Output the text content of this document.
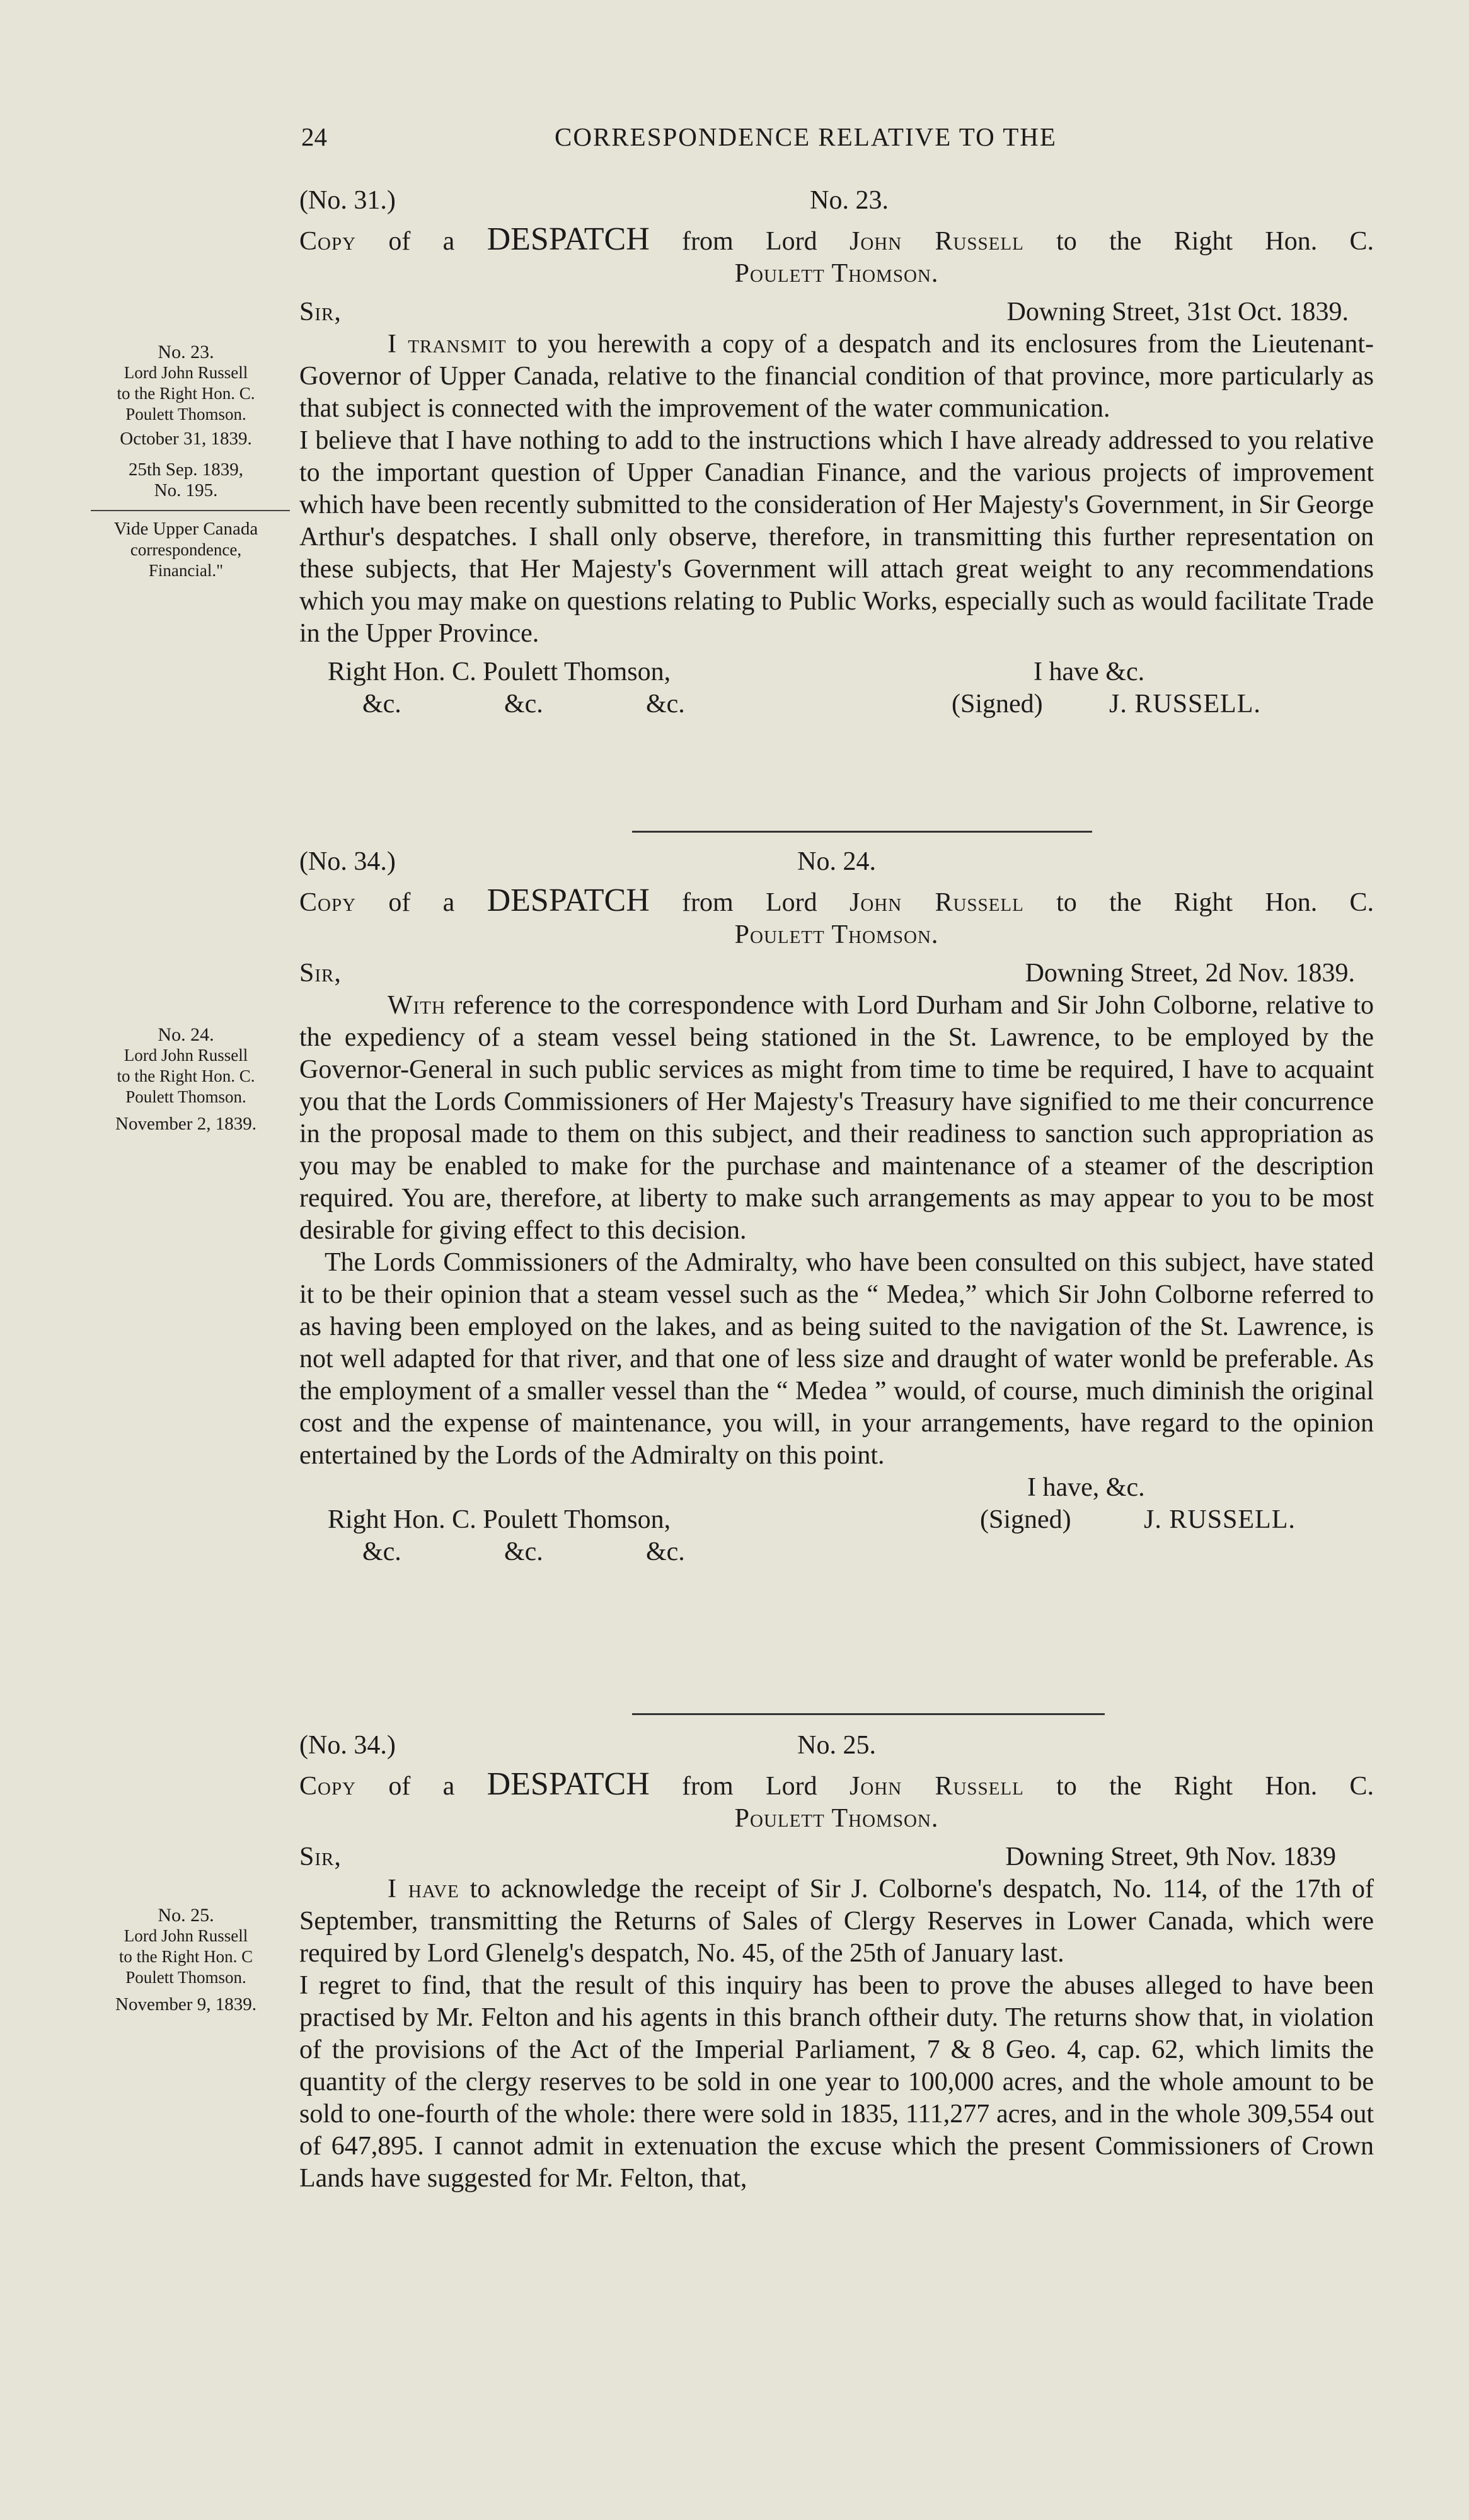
24	CORRESPONDENCE RELATIVE TO THE
No. 23.
Lord John Russell
to the Right Hon. C.
Poulett Thomson.
October 31, 1839.
25th Sep. 1839,
No. 195.
Vide Upper Canada
correspondence,
Financial."
(No. 31.)	No. 23.
Copy of a DESPATCH from Lord John Russell to the Right Hon. C.
Poulett Thomson.
Sir,	Downing Street, 31st Oct. 1839.
I transmit to you herewith a copy of a despatch and its enclosures from the Lieutenant-Governor of Upper Canada, relative to the financial condition of that province, more particularly as that subject is connected with the improvement of the water communication.
I believe that I have nothing to add to the instructions which I have already addressed to you relative to the important question of Upper Canadian Finance, and the various projects of improvement which have been recently submitted to the consideration of Her Majesty's Government, in Sir George Arthur's despatches. I shall only observe, therefore, in transmitting this further representation on these subjects, that Her Majesty's Government will attach great weight to any recommendations which you may make on questions relating to Public Works, especially such as would facilitate Trade in the Upper Province.
Right Hon. C. Poulett Thomson,	I have &c.
&c.	&c.	&c.	(Signed)	J. RUSSELL.
No. 24.
Lord John Russell
to the Right Hon. C.
Poulett Thomson.
November 2, 1839.
(No. 34.)	No. 24.
Copy of a DESPATCH from Lord John Russell to the Right Hon. C.
Poulett Thomson.
Sir,	Downing Street, 2d Nov. 1839.
With reference to the correspondence with Lord Durham and Sir John Colborne, relative to the expediency of a steam vessel being stationed in the St. Lawrence, to be employed by the Governor-General in such public services as might from time to time be required, I have to acquaint you that the Lords Commissioners of Her Majesty's Treasury have signified to me their concurrence in the proposal made to them on this subject, and their readiness to sanction such appropriation as you may be enabled to make for the purchase and maintenance of a steamer of the description required. You are, therefore, at liberty to make such arrangements as may appear to you to be most desirable for giving effect to this decision.
The Lords Commissioners of the Admiralty, who have been consulted on this subject, have stated it to be their opinion that a steam vessel such as the “ Medea,” which Sir John Colborne referred to as having been employed on the lakes, and as being suited to the navigation of the St. Lawrence, is not well adapted for that river, and that one of less size and draught of water wonld be preferable. As the employment of a smaller vessel than the “ Medea ” would, of course, much diminish the original cost and the expense of maintenance, you will, in your arrangements, have regard to the opinion entertained by the Lords of the Admiralty on this point.
I have, &c.
Right Hon. C. Poulett Thomson,	(Signed)	J. RUSSELL.
&c.	&c.	&c.
No. 25.
Lord John Russell
to the Right Hon. C
Poulett Thomson.
November 9, 1839.
(No. 34.)	No. 25.
Copy of a DESPATCH from Lord John Russell to the Right Hon. C.
Poulett Thomson.
Sir,	Downing Street, 9th Nov. 1839
I have to acknowledge the receipt of Sir J. Colborne's despatch, No. 114, of the 17th of September, transmitting the Returns of Sales of Clergy Reserves in Lower Canada, which were required by Lord Glenelg's despatch, No. 45, of the 25th of January last.
I regret to find, that the result of this inquiry has been to prove the abuses alleged to have been practised by Mr. Felton and his agents in this branch oftheir duty. The returns show that, in violation of the provisions of the Act of the Imperial Parliament, 7 & 8 Geo. 4, cap. 62, which limits the quantity of the clergy reserves to be sold in one year to 100,000 acres, and the whole amount to be sold to one-fourth of the whole: there were sold in 1835, 111,277 acres, and in the whole 309,554 out of 647,895. I cannot admit in extenuation the excuse which the present Commissioners of Crown Lands have suggested for Mr. Felton, that,
